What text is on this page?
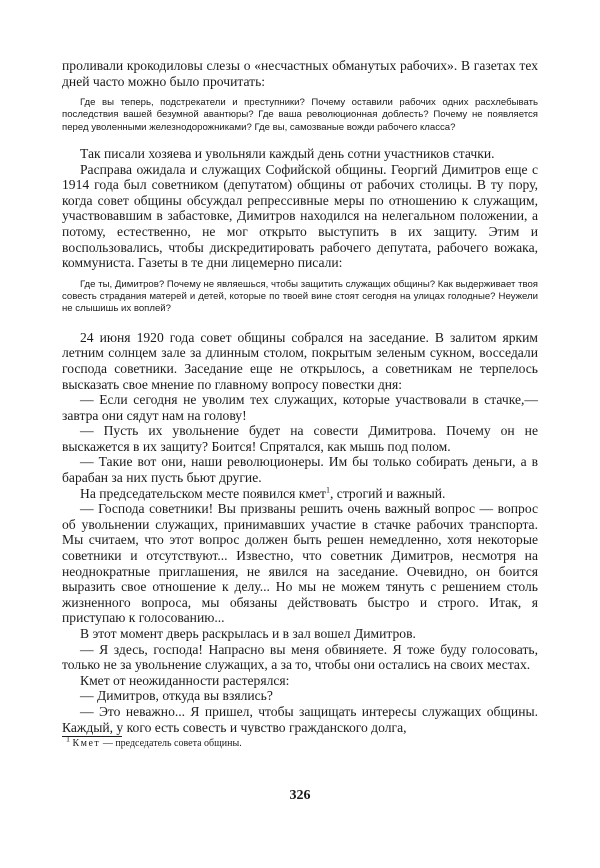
проливали крокодиловы слезы о «несчастных обманутых рабочих». В газетах тех дней часто можно было прочитать:

Где вы теперь, подстрекатели и преступники? Почему оставили рабочих одних расхлебывать последствия вашей безумной авантюры? Где ваша революционная доблесть? Почему не появляется перед уволенными железнодорожниками? Где вы, самозваные вожди рабочего класса?

Так писали хозяева и увольняли каждый день сотни участников стачки.

Расправа ожидала и служащих Софийской общины. Георгий Димитров еще с 1914 года был советником (депутатом) общины от рабочих столицы. В ту пору, когда совет общины обсуждал репрессивные меры по отношению к служащим, участвовавшим в забастовке, Димитров находился на нелегальном положении, а потому, естественно, не мог открыто выступить в их защиту. Этим и воспользовались, чтобы дискредитировать рабочего депутата, рабочего вожака, коммуниста. Газеты в те дни лицемерно писали:

Где ты, Димитров? Почему не являешься, чтобы защитить служащих общины? Как выдерживает твоя совесть страдания матерей и детей, которые по твоей вине стоят сегодня на улицах голодные? Неужели не слышишь их воплей?

24 июня 1920 года совет общины собрался на заседание. В залитом ярким летним солнцем зале за длинным столом, покрытым зеленым сукном, восседали господа советники. Заседание еще не открылось, а советникам не терпелось высказать свое мнение по главному вопросу повестки дня:

— Если сегодня не уволим тех служащих, которые участвовали в стачке,— завтра они сядут нам на голову!

— Пусть их увольнение будет на совести Димитрова. Почему он не выскажется в их защиту? Боится! Спрятался, как мышь под полом.

— Такие вот они, наши революционеры. Им бы только собирать деньги, а в барабан за них пусть бьют другие.

На председательском месте появился кмет$^1$, строгий и важный.

— Господа советники! Вы призваны решить очень важный вопрос — вопрос об увольнении служащих, принимавших участие в стачке рабочих транспорта. Мы считаем, что этот вопрос должен быть решен немедленно, хотя некоторые советники и отсутствуют... Известно, что советник Димитров, несмотря на неоднократные приглашения, не явился на заседание. Очевидно, он боится выразить свое отношение к делу... Но мы не можем тянуть с решением столь жизненного вопроса, мы обязаны действовать быстро и строго. Итак, я приступаю к голосованию...

В этот момент дверь раскрылась и в зал вошел Димитров.

— Я здесь, господа! Напрасно вы меня обвиняете. Я тоже буду голосовать, только не за увольнение служащих, а за то, чтобы они остались на своих местах.

Кмет от неожиданности растерялся:

— Димитров, откуда вы взялись?

— Это неважно... Я пришел, чтобы защищать интересы служащих общины. Каждый, у кого есть совесть и чувство гражданского долга,

$^1$ Кмет — председатель совета общины.

326
